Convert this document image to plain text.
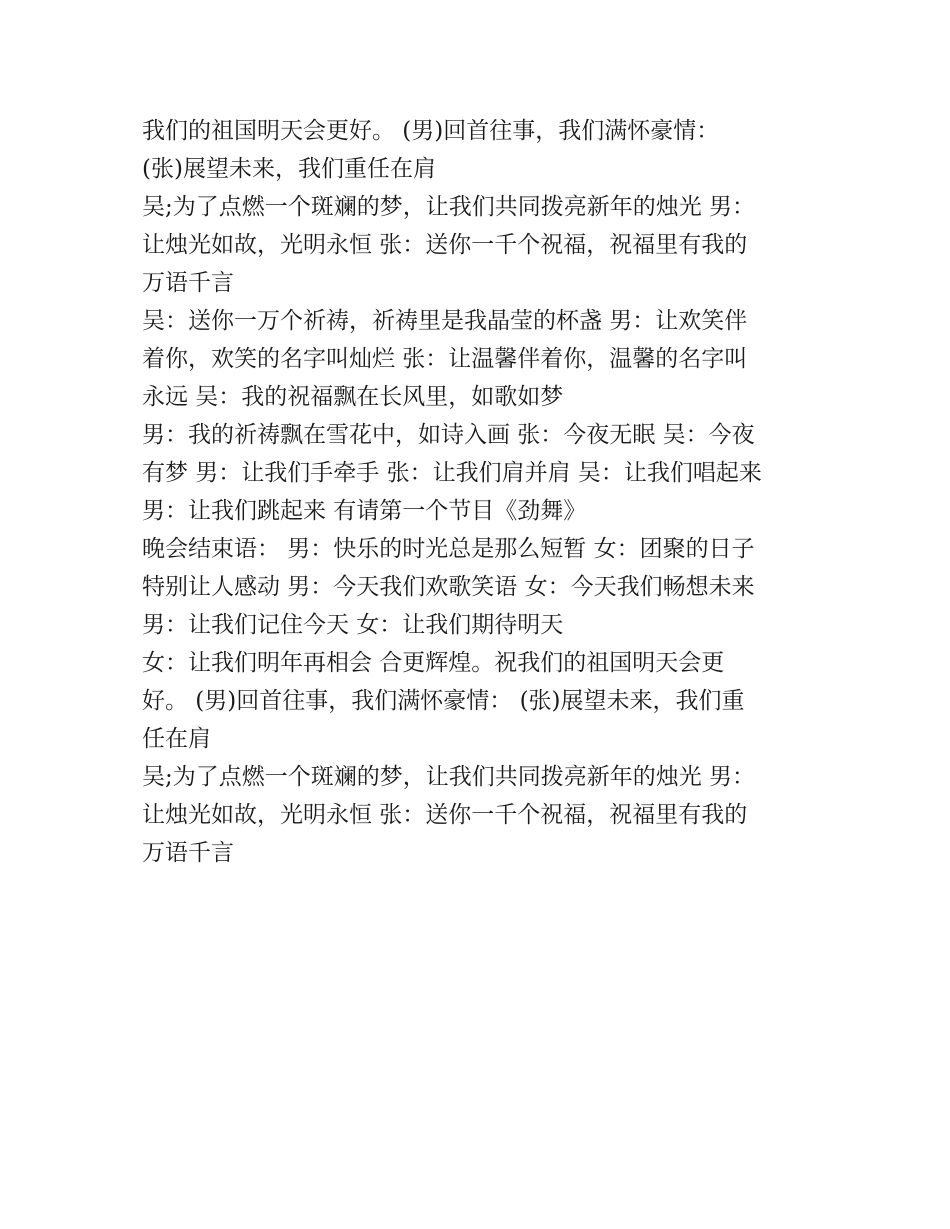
我们的祖国明天会更好。 (男)回首往事，我们满怀豪情：

(张)展望未来，我们重任在肩

吴;为了点燃一个斑斓的梦，让我们共同拨亮新年的烛光 男：

让烛光如故，光明永恒 张：送你一千个祝福，祝福里有我的

万语千言

吴：送你一万个祈祷，祈祷里是我晶莹的杯盏 男：让欢笑伴

着你，欢笑的名字叫灿烂 张：让温馨伴着你，温馨的名字叫

永远 吴：我的祝福飘在长风里，如歌如梦

男：我的祈祷飘在雪花中，如诗入画 张：今夜无眠 吴：今夜

有梦 男：让我们手牵手 张：让我们肩并肩 吴：让我们唱起来

男：让我们跳起来 有请第一个节目《劲舞》

晚会结束语： 男：快乐的时光总是那么短暂 女：团聚的日子

特别让人感动 男：今天我们欢歌笑语 女：今天我们畅想未来

男：让我们记住今天 女：让我们期待明天

女：让我们明年再相会 合更辉煌。祝我们的祖国明天会更

好。 (男)回首往事，我们满怀豪情： (张)展望未来，我们重

任在肩

吴;为了点燃一个斑斓的梦，让我们共同拨亮新年的烛光 男：

让烛光如故，光明永恒 张：送你一千个祝福，祝福里有我的

万语千言
